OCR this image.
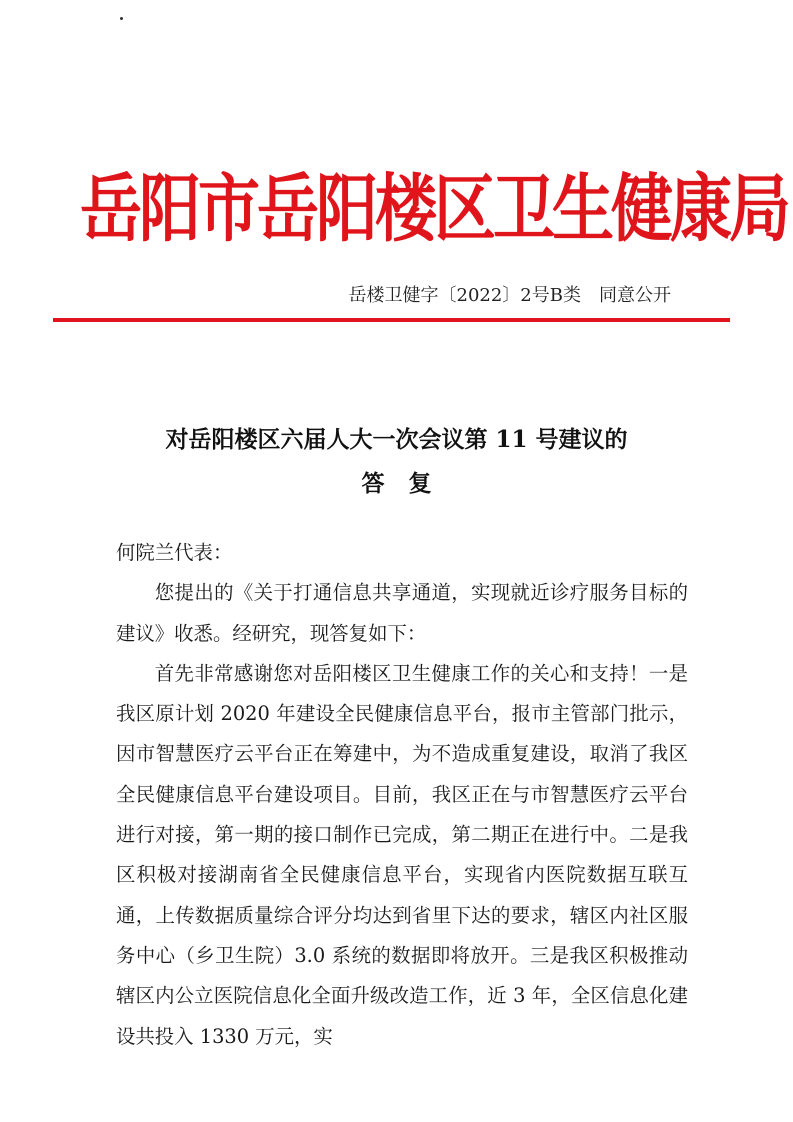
岳阳市岳阳楼区卫生健康局
岳楼卫健字〔2022〕2号B类　同意公开
对岳阳楼区六届人大一次会议第 11 号建议的
答复

何院兰代表：

您提出的《关于打通信息共享通道，实现就近诊疗服务目标的建议》收悉。经研究，现答复如下：

首先非常感谢您对岳阳楼区卫生健康工作的关心和支持！一是我区原计划 2020 年建设全民健康信息平台，报市主管部门批示，因市智慧医疗云平台正在筹建中，为不造成重复建设，取消了我区全民健康信息平台建设项目。目前，我区正在与市智慧医疗云平台进行对接，第一期的接口制作已完成，第二期正在进行中。二是我区积极对接湖南省全民健康信息平台，实现省内医院数据互联互通，上传数据质量综合评分均达到省里下达的要求，辖区内社区服务中心（乡卫生院）3.0 系统的数据即将放开。三是我区积极推动辖区内公立医院信息化全面升级改造工作，近 3 年，全区信息化建设共投入 1330 万元，实
